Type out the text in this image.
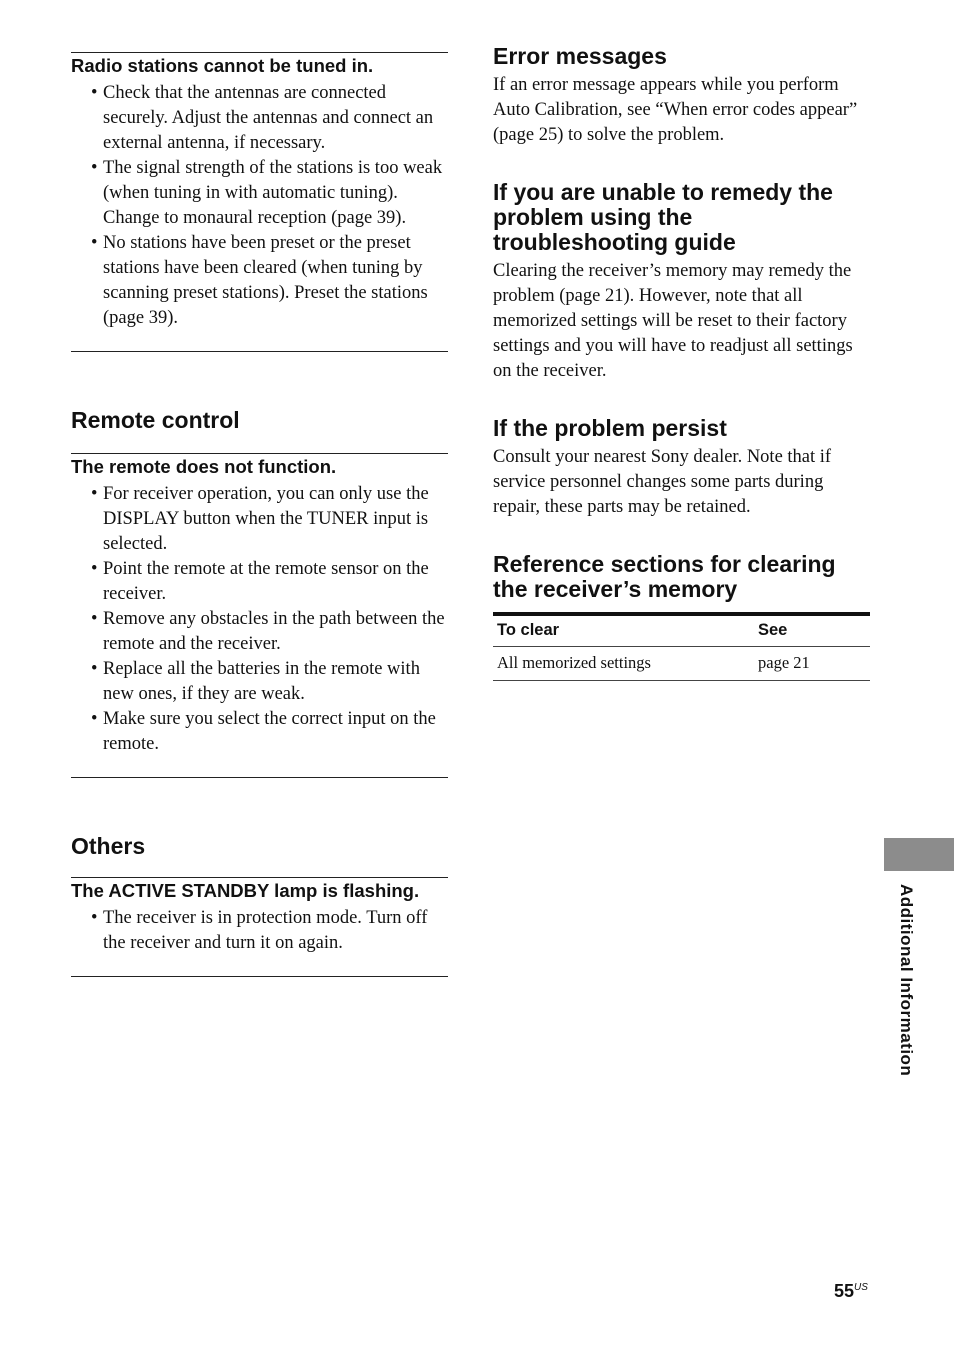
Radio stations cannot be tuned in.
• Check that the antennas are connected securely. Adjust the antennas and connect an external antenna, if necessary.
• The signal strength of the stations is too weak (when tuning in with automatic tuning). Change to monaural reception (page 39).
• No stations have been preset or the preset stations have been cleared (when tuning by scanning preset stations). Preset the stations (page 39).
Remote control
The remote does not function.
• For receiver operation, you can only use the DISPLAY button when the TUNER input is selected.
• Point the remote at the remote sensor on the receiver.
• Remove any obstacles in the path between the remote and the receiver.
• Replace all the batteries in the remote with new ones, if they are weak.
• Make sure you select the correct input on the remote.
Others
The ACTIVE STANDBY lamp is flashing.
• The receiver is in protection mode. Turn off the receiver and turn it on again.
Error messages

If an error message appears while you perform Auto Calibration, see “When error codes appear” (page 25) to solve the problem.

If you are unable to remedy the problem using the troubleshooting guide

Clearing the receiver’s memory may remedy the problem (page 21). However, note that all memorized settings will be reset to their factory settings and you will have to readjust all settings on the receiver.

If the problem persist

Consult your nearest Sony dealer. Note that if service personnel changes some parts during repair, these parts may be retained.

Reference sections for clearing the receiver’s memory
To clear	See
All memorized settings	page 21
Additional Information
$55^{US}$
